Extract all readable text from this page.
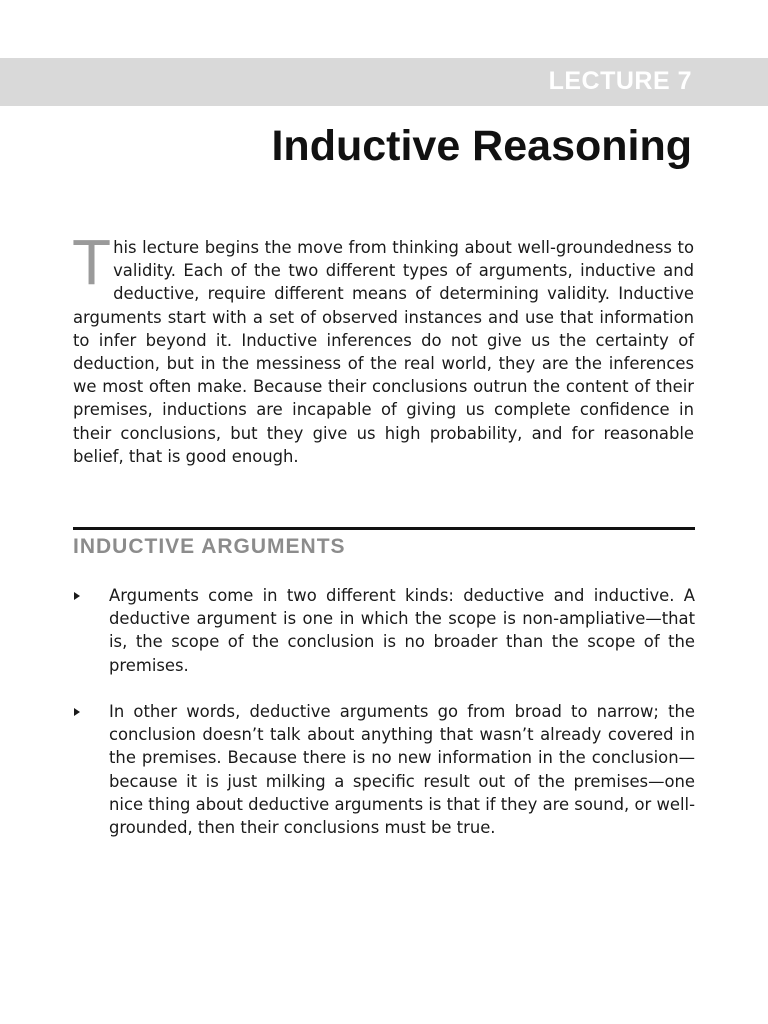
LECTURE 7
Inductive Reasoning

This lecture begins the move from thinking about well-groundedness to validity. Each of the two different types of arguments, inductive and deductive, require different means of determining validity. Inductive arguments start with a set of observed instances and use that information to infer beyond it. Inductive inferences do not give us the certainty of deduction, but in the messiness of the real world, they are the inferences we most often make. Because their conclusions outrun the content of their premises, inductions are incapable of giving us complete confidence in their conclusions, but they give us high probability, and for reasonable belief, that is good enough.

INDUCTIVE ARGUMENTS

Arguments come in two different kinds: deductive and inductive. A deductive argument is one in which the scope is non-ampliative—that is, the scope of the conclusion is no broader than the scope of the premises.

In other words, deductive arguments go from broad to narrow; the conclusion doesn’t talk about anything that wasn’t already covered in the premises. Because there is no new information in the conclusion—because it is just milking a specific result out of the premises—one nice thing about deductive arguments is that if they are sound, or well-grounded, then their conclusions must be true.
